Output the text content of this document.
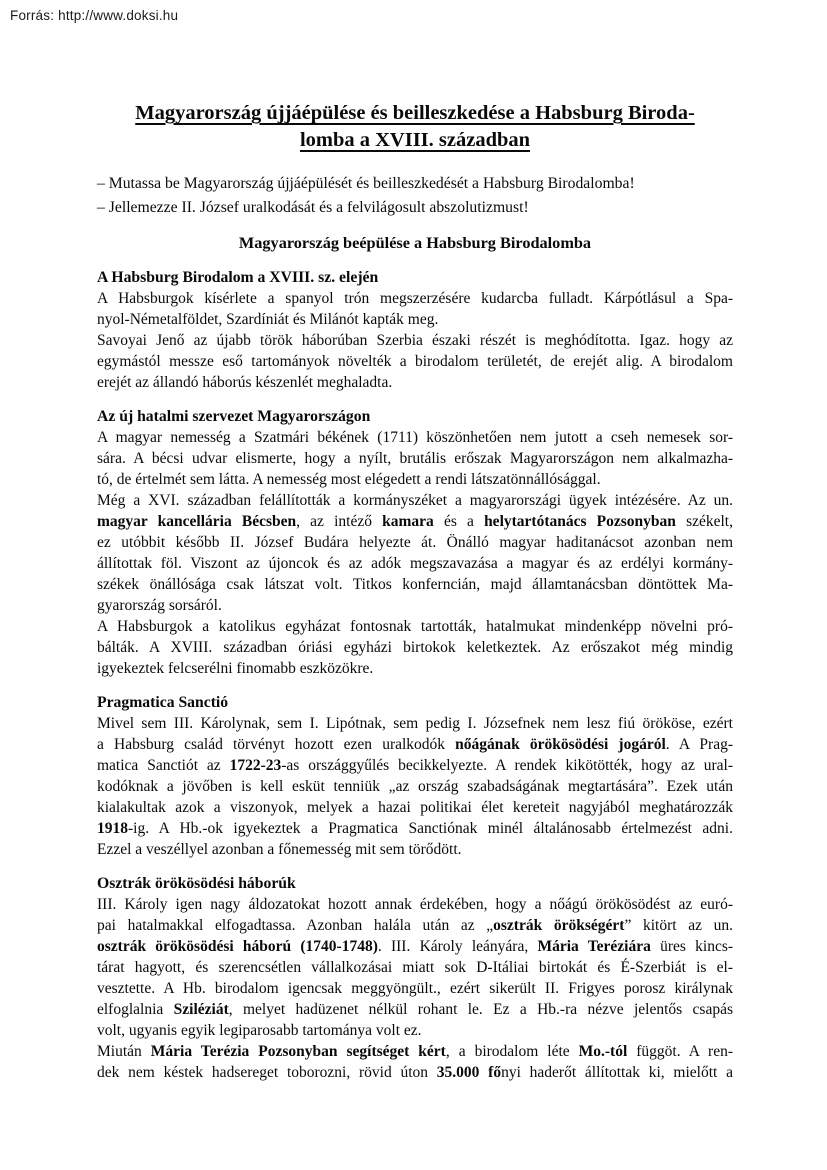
Forrás: http://www.doksi.hu
Magyarország újjáépülése és beilleszkedése a Habsburg Biroda-
lomba a XVIII. században
– Mutassa be Magyarország újjáépülését és beilleszkedését a Habsburg Birodalomba!
– Jellemezze II. József uralkodását és a felvilágosult abszolutizmust!
Magyarország beépülése a Habsburg Birodalomba
A Habsburg Birodalom a XVIII. sz. elején
A Habsburgok kísérlete a spanyol trón megszerzésére kudarcba fulladt. Kárpótlásul a Spa-
nyol-Németalföldet, Szardíniát és Milánót kapták meg.
Savoyai Jenő az újabb török háborúban Szerbia északi részét is meghódította. Igaz. hogy az
egymástól messze eső tartományok növelték a birodalom területét, de erejét alig. A birodalom
erejét az állandó háborús készenlét meghaladta.
Az új hatalmi szervezet Magyarországon
A magyar nemesség a Szatmári békének (1711) köszönhetően nem jutott a cseh nemesek sor-
sára. A bécsi udvar elismerte, hogy a nyílt, brutális erőszak Magyarországon nem alkalmazha-
tó, de értelmét sem látta. A nemesség most elégedett a rendi látszatönnállósággal.
Még a XVI. században felállították a kormányszéket a magyarországi ügyek intézésére. Az un.
magyar kancellária Bécsben, az intéző kamara és a helytartótanács Pozsonyban székelt,
ez utóbbit később II. József Budára helyezte át. Önálló magyar haditanácsot azonban nem
állítottak föl. Viszont az újoncok és az adók megszavazása a magyar és az erdélyi kormány-
székek önállósága csak látszat volt. Titkos konferncián, majd államtanácsban döntöttek Ma-
gyarország sorsáról.
A Habsburgok a katolikus egyházat fontosnak tartották, hatalmukat mindenképp növelni pró-
bálták. A XVIII. században óriási egyházi birtokok keletkeztek. Az erőszakot még mindig
igyekeztek felcserélni finomabb eszközökre.
Pragmatica Sanctió
Mivel sem III. Károlynak, sem I. Lipótnak, sem pedig I. Józsefnek nem lesz fiú örököse, ezért
a Habsburg család törvényt hozott ezen uralkodók nőágának örökösödési jogáról. A Prag-
matica Sanctiót az 1722-23-as országgyűlés becikkelyezte. A rendek kikötötték, hogy az ural-
kodóknak a jövőben is kell esküt tenniük „az ország szabadságának megtartására”. Ezek után
kialakultak azok a viszonyok, melyek a hazai politikai élet kereteit nagyjából meghatározzák
1918-ig. A Hb.-ok igyekeztek a Pragmatica Sanctiónak minél általánosabb értelmezést adni.
Ezzel a veszéllyel azonban a főnemesség mit sem törődött.
Osztrák örökösödési háborúk
III. Károly igen nagy áldozatokat hozott annak érdekében, hogy a nőágú örökösödést az euró-
pai hatalmakkal elfogadtassa. Azonban halála után az „osztrák örökségért” kitört az un.
osztrák örökösödési háború (1740-1748). III. Károly leányára, Mária Teréziára üres kincs-
tárat hagyott, és szerencsétlen vállalkozásai miatt sok D-Itáliai birtokát és É-Szerbiát is el-
vesztette. A Hb. birodalom igencsak meggyöngült., ezért sikerült II. Frigyes porosz királynak
elfoglalnia Sziléziát, melyet hadüzenet nélkül rohant le. Ez a Hb.-ra nézve jelentős csapás
volt, ugyanis egyik legiparosabb tartománya volt ez.
Miután Mária Terézia Pozsonyban segítséget kért, a birodalom léte Mo.-tól függöt. A ren-
dek nem késtek hadsereget toborozni, rövid úton 35.000 főnyi haderőt állítottak ki, mielőtt a
